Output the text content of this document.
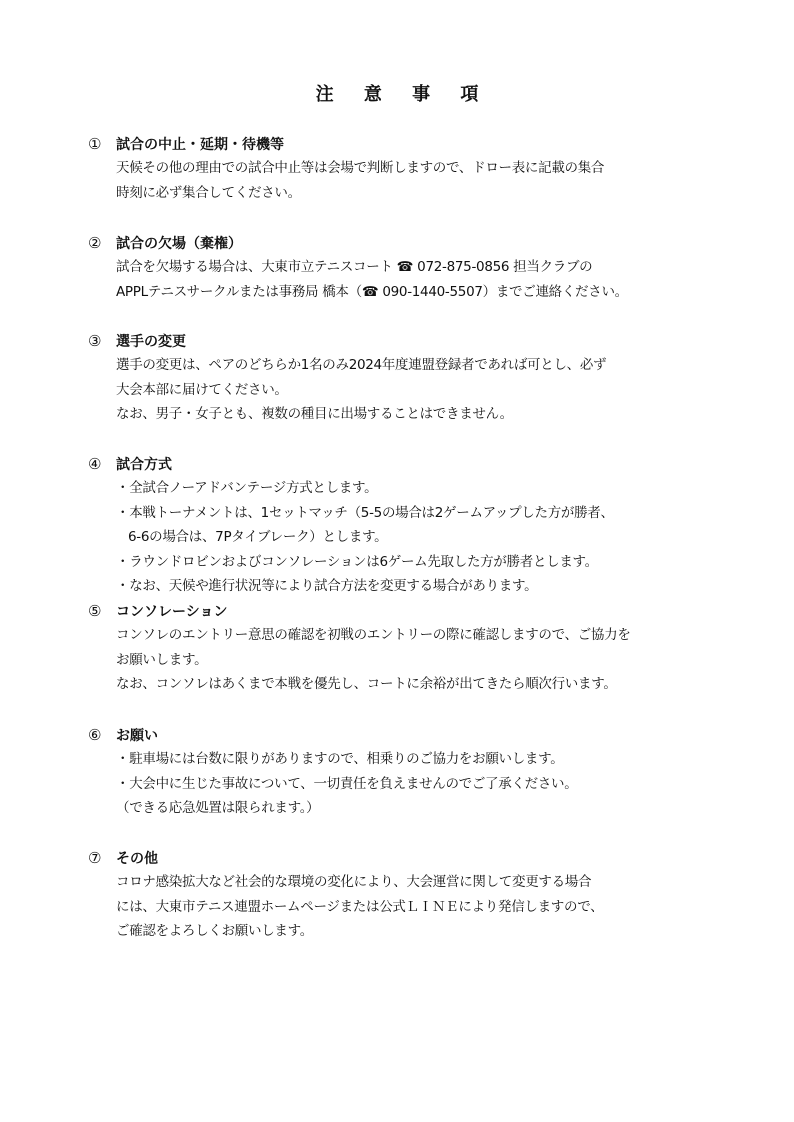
注 意 事 項
① 試合の中止・延期・待機等
天候その他の理由での試合中止等は会場で判断しますので、ドロー表に記載の集合
時刻に必ず集合してください。
② 試合の欠場（棄権）
試合を欠場する場合は、大東市立テニスコート ☎ 072-875-0856 担当クラブの
APPLテニスサークルまたは事務局 橋本（☎ 090-1440-5507）までご連絡ください。
③ 選手の変更
選手の変更は、ペアのどちらか1名のみ2024年度連盟登録者であれば可とし、必ず
大会本部に届けてください。
なお、男子・女子とも、複数の種目に出場することはできません。
④ 試合方式
・全試合ノーアドバンテージ方式とします。
・本戦トーナメントは、1セットマッチ（5-5の場合は2ゲームアップした方が勝者、
6-6の場合は、7Pタイブレーク）とします。
・ラウンドロビンおよびコンソレーションは6ゲーム先取した方が勝者とします。
・なお、天候や進行状況等により試合方法を変更する場合があります。
⑤ コンソレーション
コンソレのエントリー意思の確認を初戦のエントリーの際に確認しますので、ご協力を
お願いします。
なお、コンソレはあくまで本戦を優先し、コートに余裕が出てきたら順次行います。
⑥ お願い
・駐車場には台数に限りがありますので、相乗りのご協力をお願いします。
・大会中に生じた事故について、一切責任を負えませんのでご了承ください。
（できる応急処置は限られます。）
⑦ その他
コロナ感染拡大など社会的な環境の変化により、大会運営に関して変更する場合
には、大東市テニス連盟ホームページまたは公式ＬＩＮＥにより発信しますので、
ご確認をよろしくお願いします。
